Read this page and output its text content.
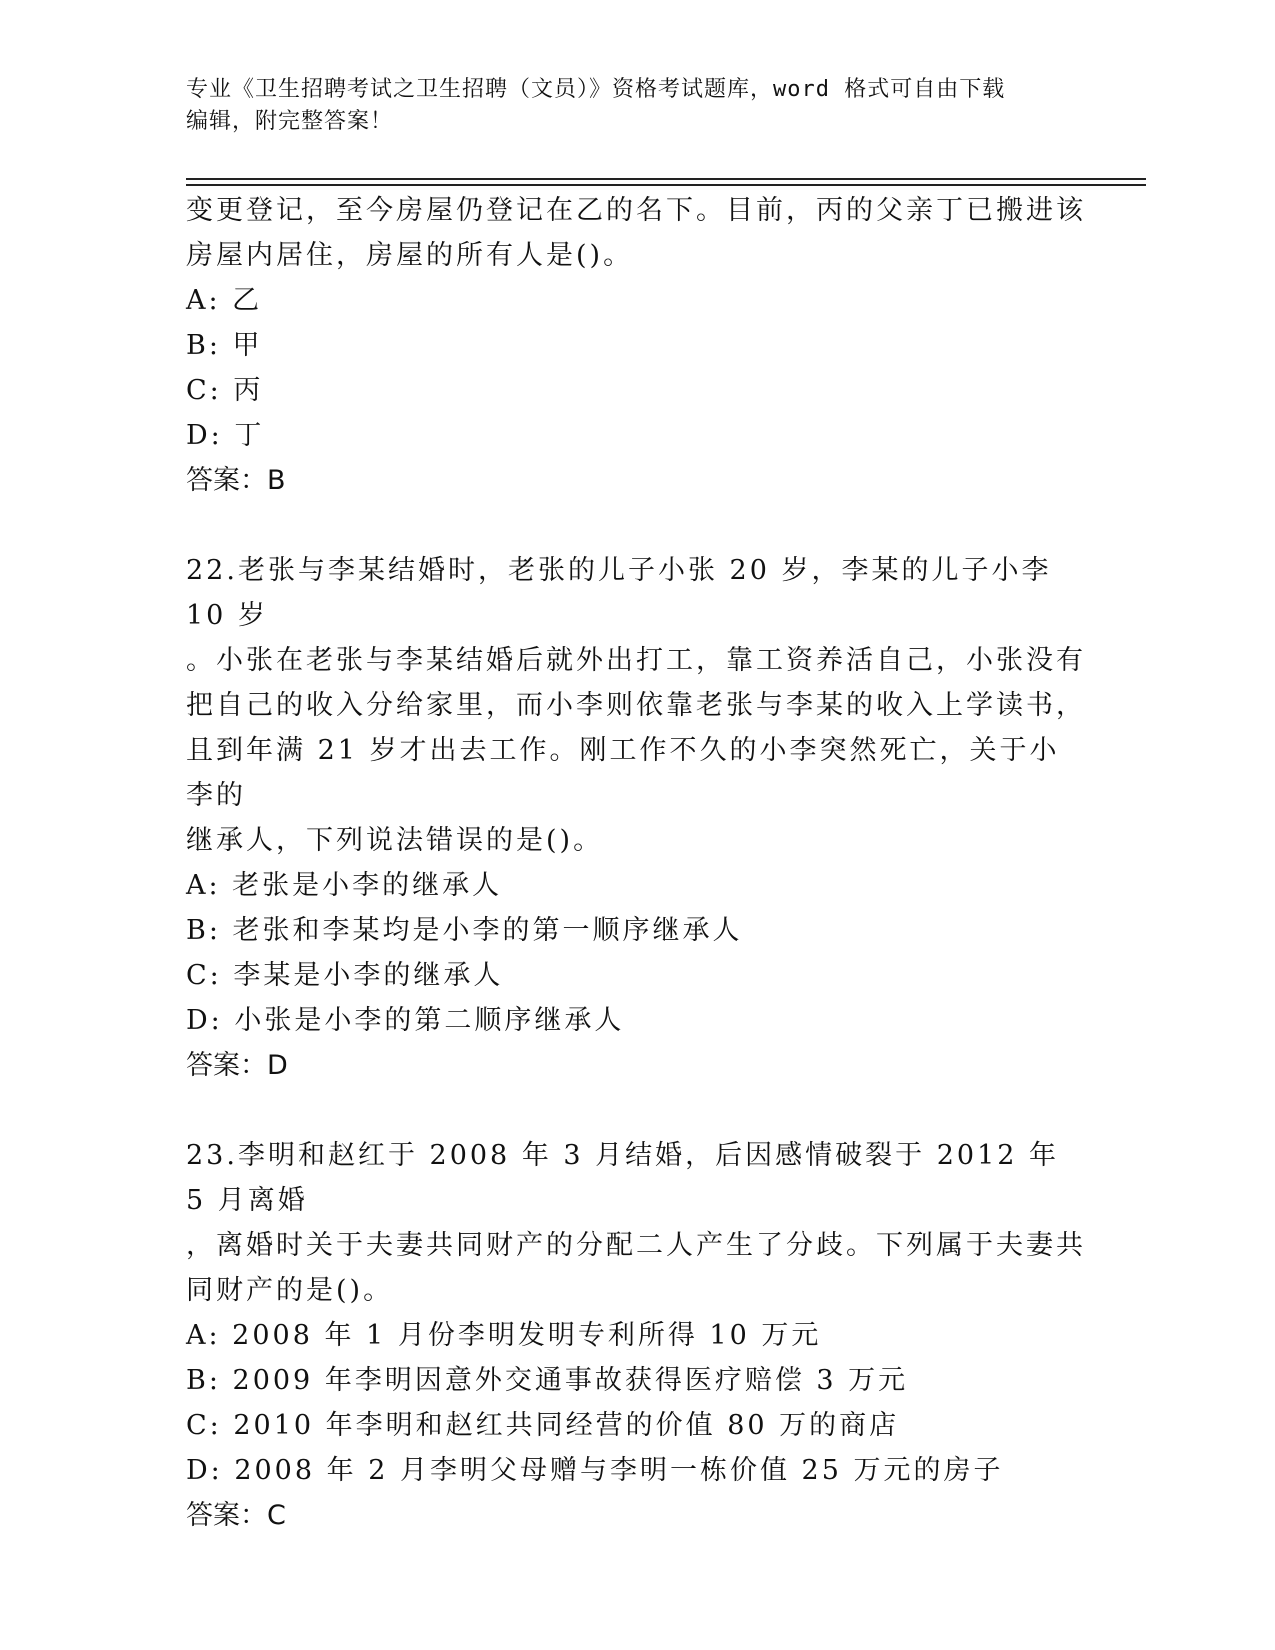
专业《卫生招聘考试之卫生招聘（文员）》资格考试题库，word 格式可自由下载
编辑，附完整答案！

变更登记，至今房屋仍登记在乙的名下。目前，丙的父亲丁已搬进该

房屋内居住，房屋的所有人是()。

A: 乙

B: 甲

C: 丙

D: 丁

答案：B

22.老张与李某结婚时，老张的儿子小张 20 岁，李某的儿子小李 10 岁

。小张在老张与李某结婚后就外出打工，靠工资养活自己，小张没有

把自己的收入分给家里，而小李则依靠老张与李某的收入上学读书，

且到年满 21 岁才出去工作。刚工作不久的小李突然死亡，关于小李的

继承人，下列说法错误的是()。

A: 老张是小李的继承人

B: 老张和李某均是小李的第一顺序继承人

C: 李某是小李的继承人

D: 小张是小李的第二顺序继承人

答案：D

23.李明和赵红于 2008 年 3 月结婚，后因感情破裂于 2012 年 5 月离婚

，离婚时关于夫妻共同财产的分配二人产生了分歧。下列属于夫妻共

同财产的是()。

A: 2008 年 1 月份李明发明专利所得 10 万元

B: 2009 年李明因意外交通事故获得医疗赔偿 3 万元

C: 2010 年李明和赵红共同经营的价值 80 万的商店

D: 2008 年 2 月李明父母赠与李明一栋价值 25 万元的房子

答案：C
